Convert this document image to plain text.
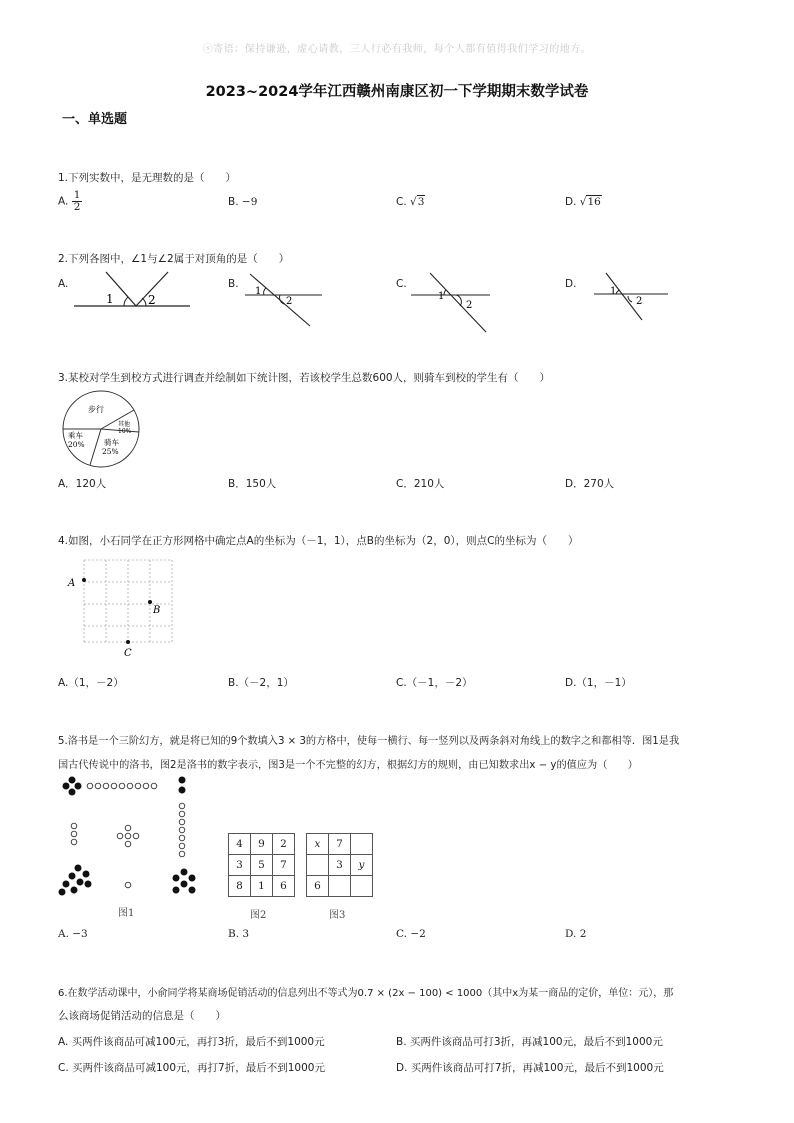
ⓢ寄语：保持谦逊，虚心请教，三人行必有我师，每个人都有值得我们学习的地方。
2023~2024学年江西赣州南康区初一下学期期末数学试卷
一、单选题
1.下列实数中，是无理数的是（　　）
A. $\frac{1}{2}$	B. −9	C. √3	D. √16
2.下列各图中，∠1与∠2属于对顶角的是（　　）
A.	B.	C.	D.
1	2
1
2	1
2
1
2
3.某校对学生到校方式进行调查并绘制如下统计图，若该校学生总数600人，则骑车到校的学生有（　　）
步行
乘车
20%	骑车
25%
其他
10%
A．120人	B．150人	C．210人	D．270人
4.如图，小石同学在正方形网格中确定点A的坐标为（－1，1），点B的坐标为（2，0），则点C的坐标为（　　）
A
B
C
A.（1，－2）	B.（－2，1）	C.（－1，－2）	D.（1，－1）
5.洛书是一个三阶幻方，就是将已知的9个数填入3 × 3的方格中，使每一横行、每一竖列以及两条斜对角线上的数字之和都相等．图1是我
国古代传说中的洛书，图2是洛书的数字表示，图3是一个不完整的幻方，根据幻方的规则，由已知数求出x − y的值应为（　　）
图1
4	9	2
3	5	7
8	1	6
图2
x	7	
	3	y
6		
图3
A. −3	B. 3	C. −2	D. 2
6.在数学活动课中，小俞同学将某商场促销活动的信息列出不等式为0.7 × (2x − 100) < 1000（其中x为某一商品的定价，单位：元），那
么该商场促销活动的信息是（　　）
A. 买两件该商品可减100元，再打3折，最后不到1000元	B. 买两件该商品可打3折，再减100元，最后不到1000元
C. 买两件该商品可减100元，再打7折，最后不到1000元	D. 买两件该商品可打7折，再减100元，最后不到1000元
